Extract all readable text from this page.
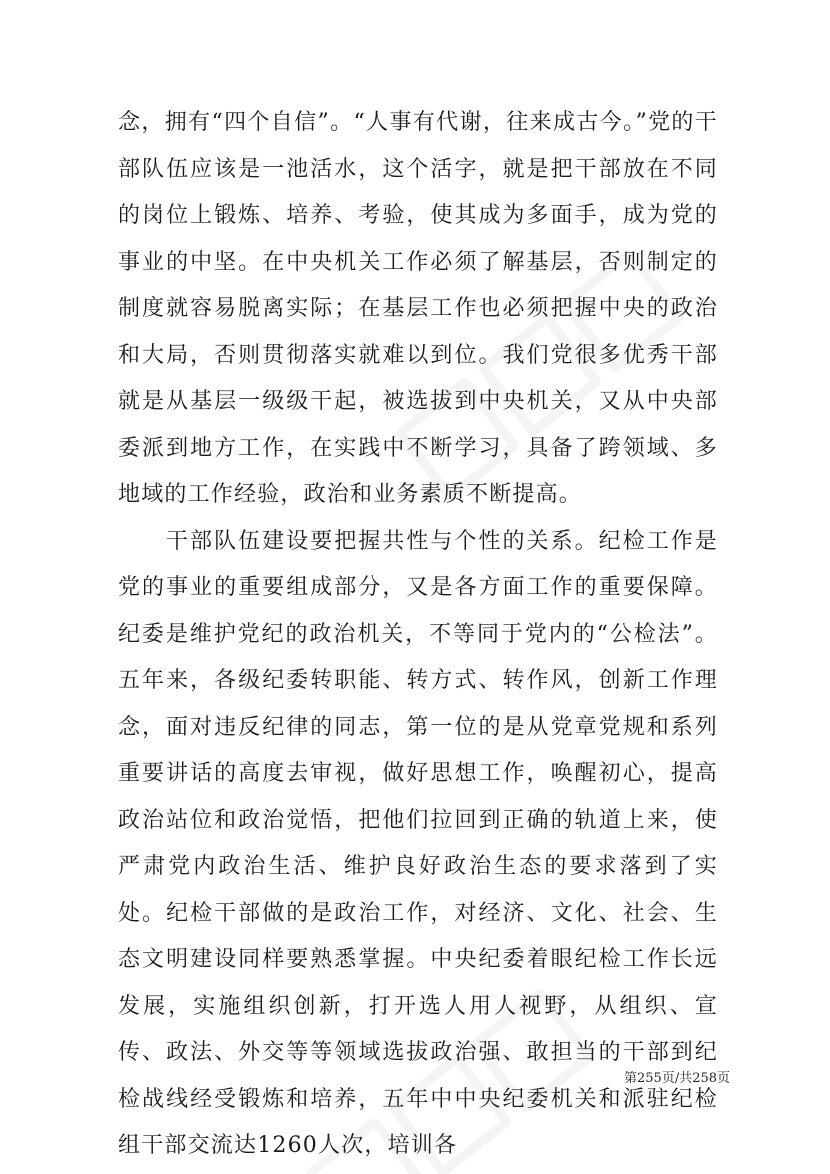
念，拥有“四个自信”。“人事有代谢，往来成古今。”党的干部队伍应该是一池活水，这个活字，就是把干部放在不同的岗位上锻炼、培养、考验，使其成为多面手，成为党的事业的中坚。在中央机关工作必须了解基层，否则制定的制度就容易脱离实际；在基层工作也必须把握中央的政治和大局，否则贯彻落实就难以到位。我们党很多优秀干部就是从基层一级级干起，被选拔到中央机关，又从中央部委派到地方工作，在实践中不断学习，具备了跨领域、多地域的工作经验，政治和业务素质不断提高。

干部队伍建设要把握共性与个性的关系。纪检工作是党的事业的重要组成部分，又是各方面工作的重要保障。纪委是维护党纪的政治机关，不等同于党内的“公检法”。五年来，各级纪委转职能、转方式、转作风，创新工作理念，面对违反纪律的同志，第一位的是从党章党规和系列重要讲话的高度去审视，做好思想工作，唤醒初心，提高政治站位和政治觉悟，把他们拉回到正确的轨道上来，使严肃党内政治生活、维护良好政治生态的要求落到了实处。纪检干部做的是政治工作，对经济、文化、社会、生态文明建设同样要熟悉掌握。中央纪委着眼纪检工作长远发展，实施组织创新，打开选人用人视野，从组织、宣传、政法、外交等等领域选拔政治强、敢担当的干部到纪检战线经受锻炼和培养，五年中中央纪委机关和派驻纪检组干部交流达1260人次，培训各

第255页/共258页
